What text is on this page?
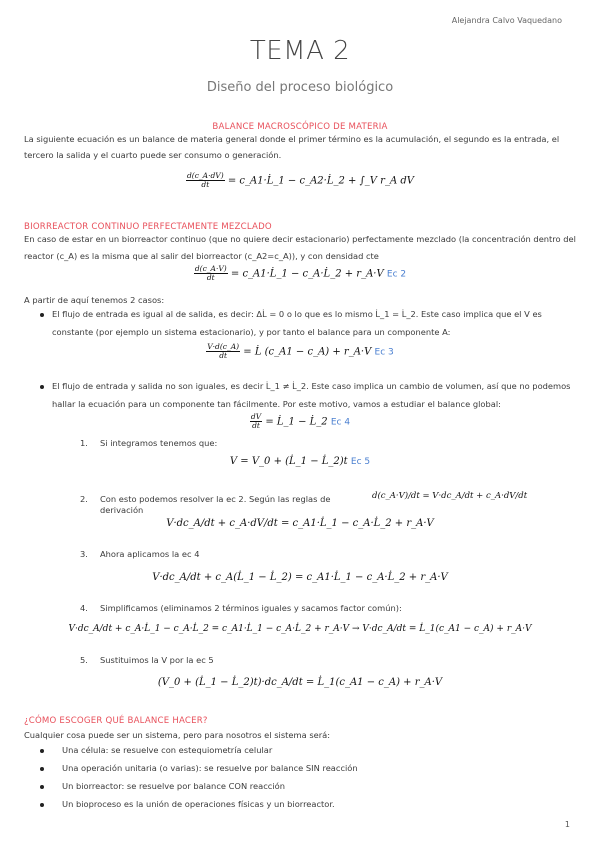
Alejandra Calvo Vaquedano
TEMA 2
Diseño del proceso biológico
BALANCE MACROSCÓPICO DE MATERIA
La siguiente ecuación es un balance de materia general donde el primer término es la acumulación, el segundo es la entrada, el
tercero la salida y el cuarto puede ser consumo o generación.
$\frac{d(c\_A\cdot dV)}{dt}$ = c_A1·L̇_1 − c_A2·L̇_2 + ∫_V r_A dV
BIORREACTOR CONTINUO PERFECTAMENTE MEZCLADO
En caso de estar en un biorreactor continuo (que no quiere decir estacionario) perfectamente mezclado (la concentración dentro del
reactor (c_A) es la misma que al salir del biorreactor (c_A2=c_A)), y con densidad cte
$\frac{d(c\_A\cdot V)}{dt}$ = c_A1·L̇_1 − c_A·L̇_2 + r_A·V Ec 2
A partir de aquí tenemos 2 casos:
El flujo de entrada es igual al de salida, es decir: ΔL̇ = 0 o lo que es lo mismo L̇_1 = L̇_2. Este caso implica que el V es
constante (por ejemplo un sistema estacionario), y por tanto el balance para un componente A:
$\frac{V\cdot d(c\_A)}{dt}$ = L̇ (c_A1 − c_A) + r_A·V Ec 3
El flujo de entrada y salida no son iguales, es decir L̇_1 ≠ L̇_2. Este caso implica un cambio de volumen, así que no podemos
hallar la ecuación para un componente tan fácilmente. Por este motivo, vamos a estudiar el balance global:
$\frac{dV}{dt}$ = L̇_1 − L̇_2 Ec 4
1. Si integramos tenemos que:
V = V_0 + (L̇_1 − L̇_2)t Ec 5
2. Con esto podemos resolver la ec 2. Según las reglas de derivación
d(c_A·V)/dt = V·dc_A/dt + c_A·dV/dt
V·dc_A/dt + c_A·dV/dt = c_A1·L̇_1 − c_A·L̇_2 + r_A·V
3. Ahora aplicamos la ec 4
V·dc_A/dt + c_A(L̇_1 − L̇_2) = c_A1·L̇_1 − c_A·L̇_2 + r_A·V
4. Simplificamos (eliminamos 2 términos iguales y sacamos factor común):
V·dc_A/dt + c_A·L̇_1 − c_A·L̇_2 = c_A1·L̇_1 − c_A·L̇_2 + r_A·V → V·dc_A/dt = L̇_1(c_A1 − c_A) + r_A·V
5. Sustituimos la V por la ec 5
(V_0 + (L̇_1 − L̇_2)t)·dc_A/dt = L̇_1(c_A1 − c_A) + r_A·V
¿CÓMO ESCOGER QUÉ BALANCE HACER?
Cualquier cosa puede ser un sistema, pero para nosotros el sistema será:
Una célula: se resuelve con estequiometría celular
Una operación unitaria (o varias): se resuelve por balance SIN reacción
Un biorreactor: se resuelve por balance CON reacción
Un bioproceso es la unión de operaciones físicas y un biorreactor.
1
